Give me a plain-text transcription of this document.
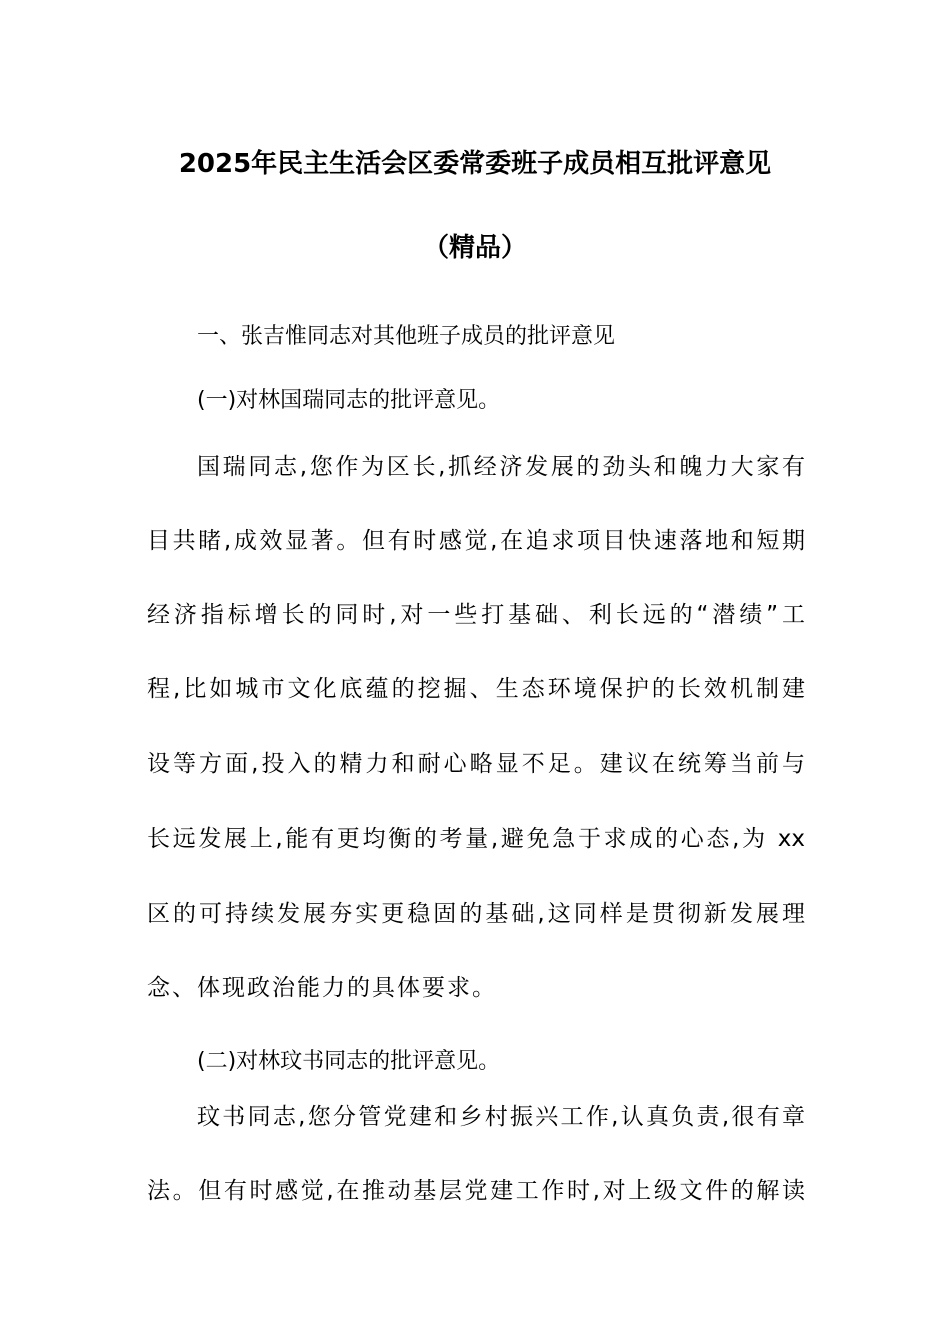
2025年民主生活会区委常委班子成员相互批评意见
（精品）
一、张吉惟同志对其他班子成员的批评意见
(一)对林国瑞同志的批评意见。
国瑞同志,您作为区长,抓经济发展的劲头和魄力大家有
目共睹,成效显著。但有时感觉,在追求项目快速落地和短期
经济指标增长的同时,对一些打基础、利长远的“潜绩”工
程,比如城市文化底蕴的挖掘、生态环境保护的长效机制建
设等方面,投入的精力和耐心略显不足。建议在统筹当前与
长远发展上,能有更均衡的考量,避免急于求成的心态,为 xx
区的可持续发展夯实更稳固的基础,这同样是贯彻新发展理
念、体现政治能力的具体要求。
(二)对林玟书同志的批评意见。
玟书同志,您分管党建和乡村振兴工作,认真负责,很有章
法。但有时感觉,在推动基层党建工作时,对上级文件的解读
